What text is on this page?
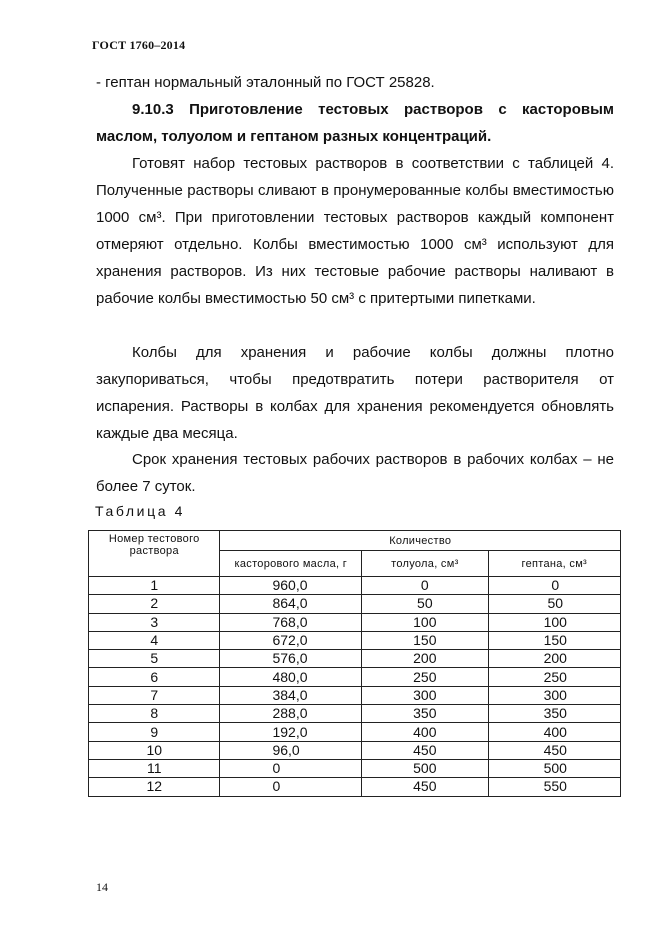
ГОСТ 1760–2014
- гептан нормальный эталонный по ГОСТ 25828.
9.10.3 Приготовление тестовых растворов с касторовым маслом, толуолом и гептаном разных концентраций.
Готовят набор тестовых растворов в соответствии с таблицей 4. Полученные растворы сливают в пронумерованные колбы вместимостью 1000 см³. При приготовлении тестовых растворов каждый компонент отмеряют отдельно. Колбы вместимостью 1000 см³ используют для хранения растворов. Из них тестовые рабочие растворы наливают в рабочие колбы вместимостью 50 см³ с притертыми пипетками.
Колбы для хранения и рабочие колбы должны плотно закупориваться, чтобы предотвратить потери растворителя от испарения. Растворы в колбах для хранения рекомендуется обновлять каждые два месяца.
Срок хранения тестовых рабочих растворов в рабочих колбах – не более 7 суток.
Таблица 4
Номер тестового раствора	Количество		
	касторового масла, г	толуола, см³	гептана, см³
1	960,0	0	0
2	864,0	50	50
3	768,0	100	100
4	672,0	150	150
5	576,0	200	200
6	480,0	250	250
7	384,0	300	300
8	288,0	350	350
9	192,0	400	400
10	96,0	450	450
11	0	500	500
12	0	450	550
14
